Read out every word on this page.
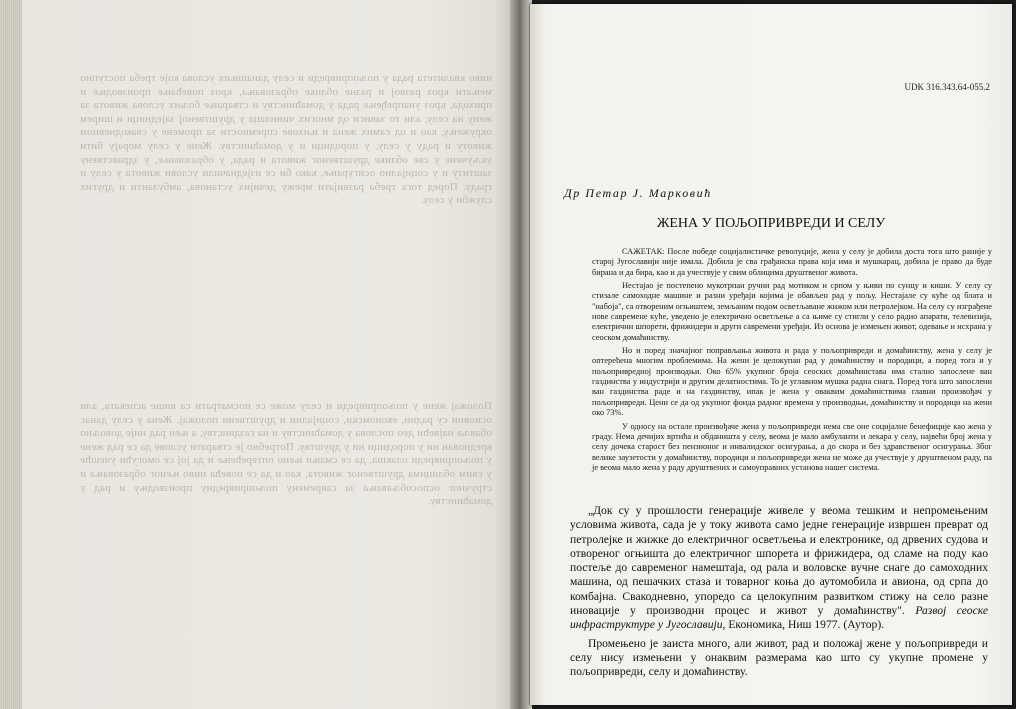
ниво квалитета рада у пољопривреди и селу данашњих услова које треба поступно мењати кроз развој и разне облике образовања, кроз повећање производње и прихода, кроз унапређење рада у домаћинству и стварање бољих услова живота за жену на селу, али то зависи од многих чинилаца у друштвеној заједници и ширем окружењу, као и од самих жена и њихове спремности за промене у свакодневном животу и раду у селу, у породици и у домаћинству. Жене у селу морају бити укључене у све облике друштвеног живота и рада, у образовање, у здравствену заштиту и у социјално осигурање, како би се изједначили услови живота у селу и граду. Поред тога треба развијати мрежу дечијих установа, амбуланти и других служби у селу.
Положај жене у пољопривреди и селу може се посматрати са више аспеката, али основни су радни, економски, социјални и друштвени положај. Жена у селу данас обавља највећи део послова у домаћинству и на газдинству, а њен рад није довољно вреднован ни у породици ни у друштву. Потребно је стварати услове да се рад жене у пољопривреди олакша, да се смањи њено оптерећење и да јој се омогући учешће у свим облицима друштвеног живота, као и да се повећа ниво њеног образовања и стручног оспособљавања за савремену пољопривредну производњу и рад у домаћинству.
UDK 316.343.64-055.2
Др Петар Ј. Марковић
ЖЕНА У ПОЉОПРИВРЕДИ И СЕЛУ

САЖЕТАК: После победе социјалистичке револуције, жена у селу је добила доста тога што раније у старој Југославији није имала. Добила је сва грађанска права која има и мушкарац, добила је право да буде бирана и да бира, као и да учествује у свим облицима друштвеног живота.

Нестајао је постепено мукотрпан ручни рад мотиком и српом у њиви по сунцу и киши. У селу су стизале самоходне машине и разни уређаји којима је обављен рад у пољу. Нестајале су куће од блата и "набоја", са отвореним огњиштем, земљаним подом осветљаване жижом или петролејком. На селу су изграђене нове савремене куће, уведено је електрично осветљење а са њиме су стигли у село радио апарати, телевизија, електрични шпорети, фрижидери и други савремени уређаји. Из основа је измењен живот, одевање и исхрана у сеоском домаћинству.

Но и поред значајног поправљања живота и рада у пољопривреди и домаћинству, жена у селу је оптерећена многим проблемима. На жени је целокупан рад у домаћинству и породици, а поред тога и у пољопривредној производњи. Око 65% укупног броја сеоских домаћинстава има стално запослене ван газдинства у индустрији и другим делатностима. То је углавном мушка радна снага. Поред тога што запослени ван газдинства раде и на газдинству, ипак је жена у оваквим домаћинствима главни произвођач у пољопривреди. Цени се да од укупног фонда радног времена у производњи, домаћинству и породици на жени око 73%.

У односу на остале произвођаче жена у пољопривреди нема све оне социјалне бенефиције као жена у граду. Нема дечијих вртића и обданишта у селу, веома је мало амбуланти и лекара у селу, највећи број жена у селу дочека старост без пензионог и инвалидског осигурања, а до скора и без здравственог осигурања. Због велике заузетости у домаћинству, породици и пољопривреди жена не може да учествује у друштвеном раду, па је веома мало жена у раду друштвених и самоуправних установа нашег система.

„Док су у прошлости генерације живеле у веома тешким и непромењеним условима живота, сада је у току живота само једне генерације извршен преврат од петролејке и жижке до електричног осветљења и електронике, од дрвених судова и отвореног огњишта до електричног шпорета и фрижидера, од сламе на поду као постеље до савременог намештаја, од рала и воловске вучне снаге до самоходних машина, од пешачких стаза и товарног коња до аутомобила и авиона, од српа до комбајна. Свакодневно, упоредо са целокупним развитком стижу на село разне иновације у производни процес и живот у домаћинству". Развој сеоске инфраструктуре у Југославији, Економика, Ниш 1977. (Аутор).

Промењено је заиста много, али живот, рад и положај жене у пољопривреди и селу нису измењени у онаквим размерама као што су укупне промене у пољопривреди, селу и домаћинству.
